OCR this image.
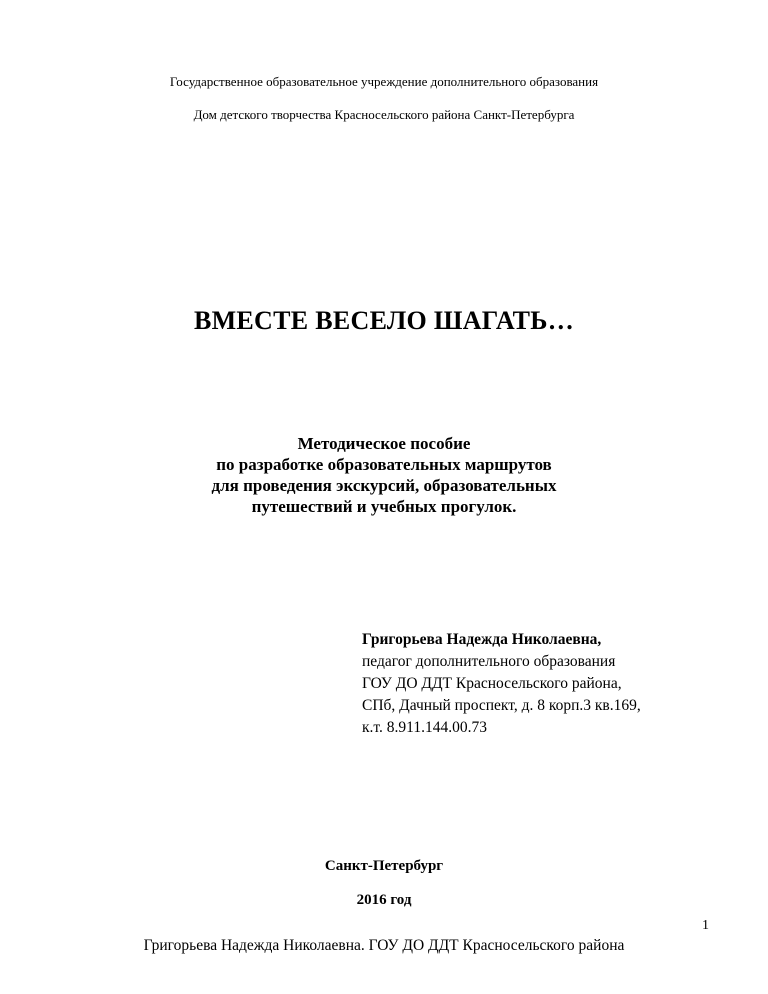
Государственное образовательное учреждение дополнительного образования
Дом детского творчества Красносельского района Санкт-Петербурга
ВМЕСТЕ ВЕСЕЛО ШАГАТЬ…
Методическое пособие
по разработке образовательных маршрутов
для проведения экскурсий, образовательных
путешествий и учебных прогулок.
Григорьева Надежда Николаевна,
педагог дополнительного образования
ГОУ ДО ДДТ Красносельского района,
СПб, Дачный проспект, д. 8 корп.3 кв.169,
к.т. 8.911.144.00.73
Санкт-Петербург
2016 год
1
Григорьева Надежда Николаевна. ГОУ ДО ДДТ Красносельского района
